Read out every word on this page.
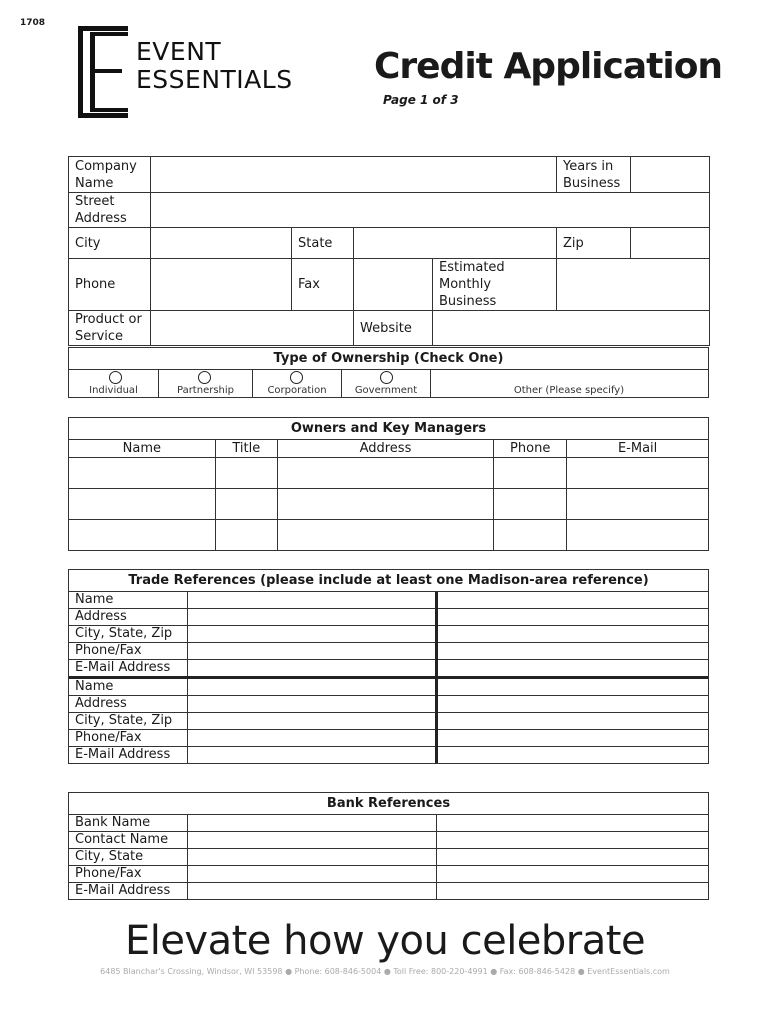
1708
EVENT
ESSENTIALS Credit Application
Page 1 of 3
Company Name					Years in Business	
Street Address						
City		State			Zip	
Phone		Fax		Estimated Monthly Business		
Product or Service			Website			
Type of Ownership (Check One)
Individual	Partnership	Corporation	Government	Other (Please specify)
Owners and Key Managers
Name	Title	Address	Phone	E-Mail

Trade References (please include at least one Madison-area reference)
Name		
Address		
City, State, Zip		
Phone/Fax		
E-Mail Address		
Name		
Address		
City, State, Zip		
Phone/Fax		
E-Mail Address		
Bank References
Bank Name		
Contact Name		
City, State		
Phone/Fax		
E-Mail Address		
Elevate how you celebrate
6485 Blanchar's Crossing, Windsor, WI 53598 ● Phone: 608-846-5004 ● Toll Free: 800-220-4991 ● Fax: 608-846-5428 ● EventEssentials.com
